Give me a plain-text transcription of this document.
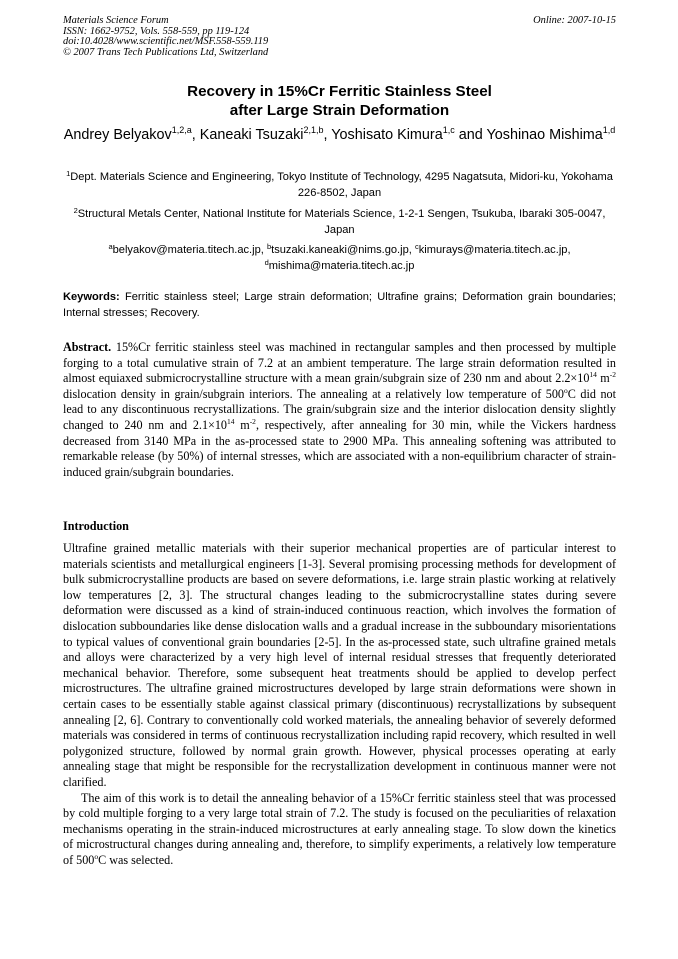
Materials Science Forum
ISSN: 1662-9752, Vols. 558-559, pp 119-124
doi:10.4028/www.scientific.net/MSF.558-559.119
© 2007 Trans Tech Publications Ltd, Switzerland
Online: 2007-10-15
Recovery in 15%Cr Ferritic Stainless Steel
after Large Strain Deformation
Andrey Belyakov$^{1,2,a}$, Kaneaki Tsuzaki$^{2,1,b}$, Yoshisato Kimura$^{1,c}$ and Yoshinao Mishima$^{1,d}$
$^1$Dept. Materials Science and Engineering, Tokyo Institute of Technology, 4295 Nagatsuta, Midori-ku, Yokohama 226-8502, Japan
$^2$Structural Metals Center, National Institute for Materials Science, 1-2-1 Sengen, Tsukuba, Ibaraki 305-0047, Japan
$^a$belyakov@materia.titech.ac.jp, $^b$tsuzaki.kaneaki@nims.go.jp, $^c$kimurays@materia.titech.ac.jp,
$^d$mishima@materia.titech.ac.jp
Keywords: Ferritic stainless steel; Large strain deformation; Ultrafine grains; Deformation grain boundaries; Internal stresses; Recovery.
Abstract. 15%Cr ferritic stainless steel was machined in rectangular samples and then processed by multiple forging to a total cumulative strain of 7.2 at an ambient temperature. The large strain deformation resulted in almost equiaxed submicrocrystalline structure with a mean grain/subgrain size of 230 nm and about $2.2\times 10^{14}$ $m^{-2}$ dislocation density in grain/subgrain interiors. The annealing at a relatively low temperature of 500$^o$C did not lead to any discontinuous recrystallizations. The grain/subgrain size and the interior dislocation density slightly changed to 240 nm and $2.1\times 10^{14}$ $m^{-2}$, respectively, after annealing for 30 min, while the Vickers hardness decreased from 3140 MPa in the as-processed state to 2900 MPa. This annealing softening was attributed to remarkable release (by 50%) of internal stresses, which are associated with a non-equilibrium character of strain-induced grain/subgrain boundaries.
Introduction

Ultrafine grained metallic materials with their superior mechanical properties are of particular interest to materials scientists and metallurgical engineers [1-3]. Several promising processing methods for development of bulk submicrocrystalline products are based on severe deformations, i.e. large strain plastic working at relatively low temperatures [2, 3]. The structural changes leading to the submicrocrystalline states during severe deformation were discussed as a kind of strain-induced continuous reaction, which involves the formation of dislocation subboundaries like dense dislocation walls and a gradual increase in the subboundary misorientations to typical values of conventional grain boundaries [2-5]. In the as-processed state, such ultrafine grained metals and alloys were characterized by a very high level of internal residual stresses that frequently deteriorated mechanical behavior. Therefore, some subsequent heat treatments should be applied to develop perfect microstructures. The ultrafine grained microstructures developed by large strain deformations were shown in certain cases to be essentially stable against classical primary (discontinuous) recrystallizations by subsequent annealing [2, 6]. Contrary to conventionally cold worked materials, the annealing behavior of severely deformed materials was considered in terms of continuous recrystallization including rapid recovery, which resulted in well polygonized structure, followed by normal grain growth. However, physical processes operating at early annealing stage that might be responsible for the recrystallization development in continuous manner were not clarified.

The aim of this work is to detail the annealing behavior of a 15%Cr ferritic stainless steel that was processed by cold multiple forging to a very large total strain of 7.2. The study is focused on the peculiarities of relaxation mechanisms operating in the strain-induced microstructures at early annealing stage. To slow down the kinetics of microstructural changes during annealing and, therefore, to simplify experiments, a relatively low temperature of 500$^o$C was selected.
